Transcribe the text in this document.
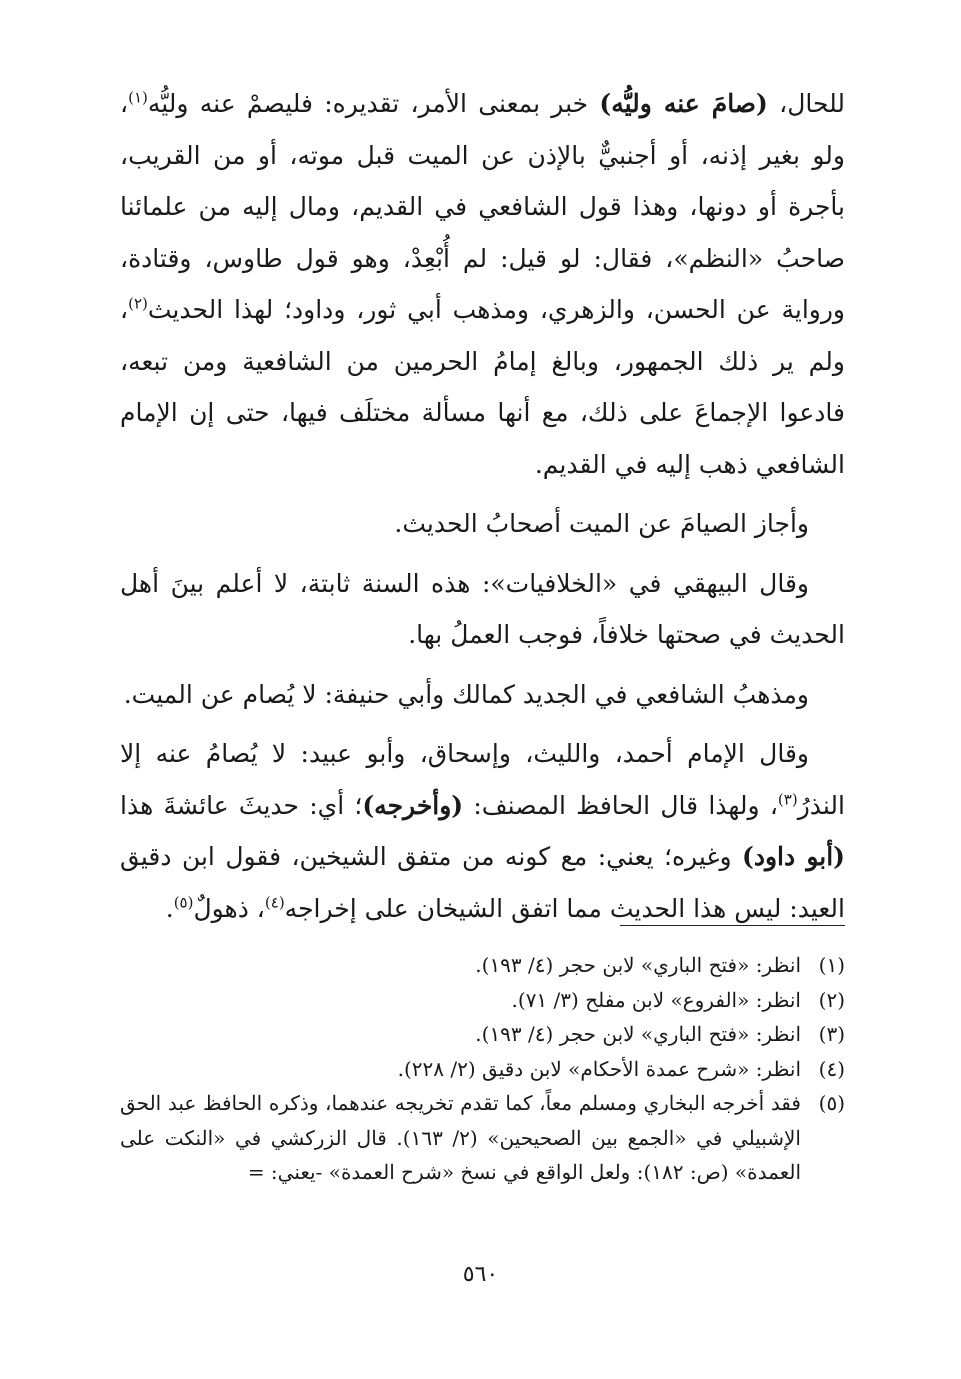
للحال، (صامَ عنه وليُّه) خبر بمعنى الأمر، تقديره: فليصمْ عنه وليُّه$^{(١)}$، ولو بغير إذنه، أو أجنبيٌّ بالإذن عن الميت قبل موته، أو من القريب، بأجرة أو دونها، وهذا قول الشافعي في القديم، ومال إليه من علمائنا صاحبُ «النظم»، فقال: لو قيل: لم أُبْعِدْ، وهو قول طاوس، وقتادة، ورواية عن الحسن، والزهري، ومذهب أبي ثور، وداود؛ لهذا الحديث$^{(٢)}$، ولم ير ذلك الجمهور، وبالغ إمامُ الحرمين من الشافعية ومن تبعه، فادعوا الإجماعَ على ذلك، مع أنها مسألة مختلَف فيها، حتى إن الإمام الشافعي ذهب إليه في القديم.

وأجاز الصيامَ عن الميت أصحابُ الحديث.

وقال البيهقي في «الخلافيات»: هذه السنة ثابتة، لا أعلم بينَ أهل الحديث في صحتها خلافاً، فوجب العملُ بها.

ومذهبُ الشافعي في الجديد كمالك وأبي حنيفة: لا يُصام عن الميت.

وقال الإمام أحمد، والليث، وإسحاق، وأبو عبيد: لا يُصامُ عنه إلا النذرُ$^{(٣)}$، ولهذا قال الحافظ المصنف: (وأخرجه)؛ أي: حديثَ عائشةَ هذا (أبو داود) وغيره؛ يعني: مع كونه من متفق الشيخين، فقول ابن دقيق العيد: ليس هذا الحديث مما اتفق الشيخان على إخراجه$^{(٤)}$، ذهولٌ$^{(٥)}$.

(١)
انظر: «فتح الباري» لابن حجر (٤/ ١٩٣).
(٢)
انظر: «الفروع» لابن مفلح (٣/ ٧١).
(٣)
انظر: «فتح الباري» لابن حجر (٤/ ١٩٣).
(٤)
انظر: «شرح عمدة الأحكام» لابن دقيق (٢/ ٢٢٨).
(٥)
فقد أخرجه البخاري ومسلم معاً، كما تقدم تخريجه عندهما، وذكره الحافظ عبد الحق الإشبيلي في «الجمع بين الصحيحين» (٢/ ١٦٣). قال الزركشي في «النكت على العمدة» (ص: ١٨٢): ولعل الواقع في نسخ «شرح العمدة» -يعني: =
٥٦٠
